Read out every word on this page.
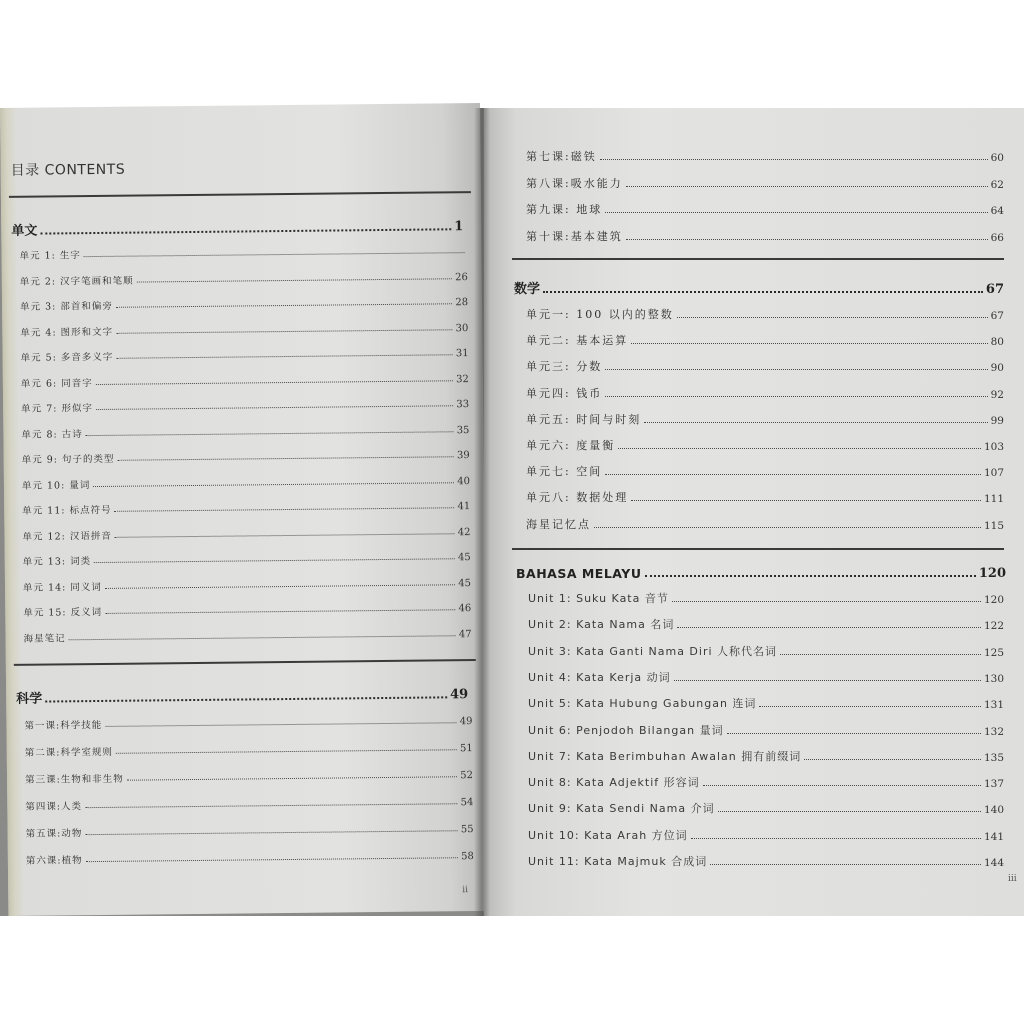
目录 CONTENTS
单文	1
单元 1: 生字
单元 2: 汉字笔画和笔顺	26
单元 3: 部首和偏旁	28
单元 4: 图形和文字	30
单元 5: 多音多义字	31
单元 6: 同音字	32
单元 7: 形似字	33
单元 8: 古诗	35
单元 9: 句子的类型	39
单元 10: 量词	40
单元 11: 标点符号	41
单元 12: 汉语拼音	42
单元 13: 词类	45
单元 14: 同义词	45
单元 15: 反义词	46
海星笔记	47
科学	49
第一课:科学技能	49
第二课:科学室规则	51
第三课:生物和非生物	52
第四课:人类	54
第五课:动物	55
第六课:植物	58
ii
第七课:磁铁	60
第八课:吸水能力	62
第九课: 地球	64
第十课:基本建筑	66
数学	67
单元一: 100 以内的整数	67
单元二: 基本运算	80
单元三: 分数	90
单元四: 钱币	92
单元五: 时间与时刻	99
单元六: 度量衡	103
单元七: 空间	107
单元八: 数据处理	111
海星记忆点	115
BAHASA MELAYU	120
Unit 1: Suku Kata 音节	120
Unit 2: Kata Nama 名词	122
Unit 3: Kata Ganti Nama Diri 人称代名词	125
Unit 4: Kata Kerja 动词	130
Unit 5: Kata Hubung Gabungan 连词	131
Unit 6: Penjodoh Bilangan 量词	132
Unit 7: Kata Berimbuhan Awalan 拥有前缀词	135
Unit 8: Kata Adjektif 形容词	137
Unit 9: Kata Sendi Nama 介词	140
Unit 10: Kata Arah 方位词	141
Unit 11: Kata Majmuk 合成词	144
iii
